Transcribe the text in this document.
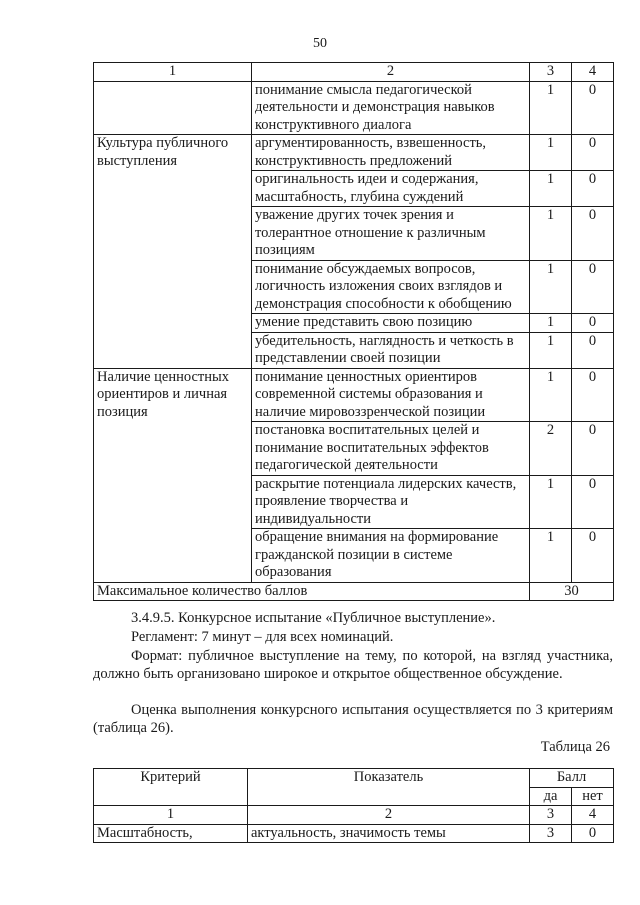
50
1	2	3	4
	понимание смысла педагогической деятельности и демонстрация навыков конструктивного диалога	1	0
Культура публичного выступления	аргументированность, взвешенность, конструктивность предложений	1	0
	оригинальность идеи и содержания, масштабность, глубина суждений	1	0
	уважение других точек зрения и толерантное отношение к различным позициям	1	0
	понимание обсуждаемых вопросов, логичность изложения своих взглядов и демонстрация способности к обобщению	1	0
	умение представить свою позицию	1	0
	убедительность, наглядность и четкость в представлении своей позиции	1	0
Наличие ценностных ориентиров и личная позиция	понимание ценностных ориентиров современной системы образования и наличие мировоззренческой позиции	1	0
	постановка воспитательных целей и понимание воспитательных эффектов педагогической деятельности	2	0
	раскрытие потенциала лидерских качеств, проявление творчества и индивидуальности	1	0
	обращение внимания на формирование гражданской позиции в системе образования	1	0
Максимальное количество баллов		30	
3.4.9.5. Конкурсное испытание «Публичное выступление».
Регламент: 7 минут – для всех номинаций.
Формат: публичное выступление на тему, по которой, на взгляд участника, должно быть организовано широкое и открытое общественное обсуждение.
Оценка выполнения конкурсного испытания осуществляется по 3 критериям (таблица 26).
Таблица 26
Критерий	Показатель	Балл	
		да	нет
1	2	3	4
Масштабность,	актуальность, значимость темы	3	0
